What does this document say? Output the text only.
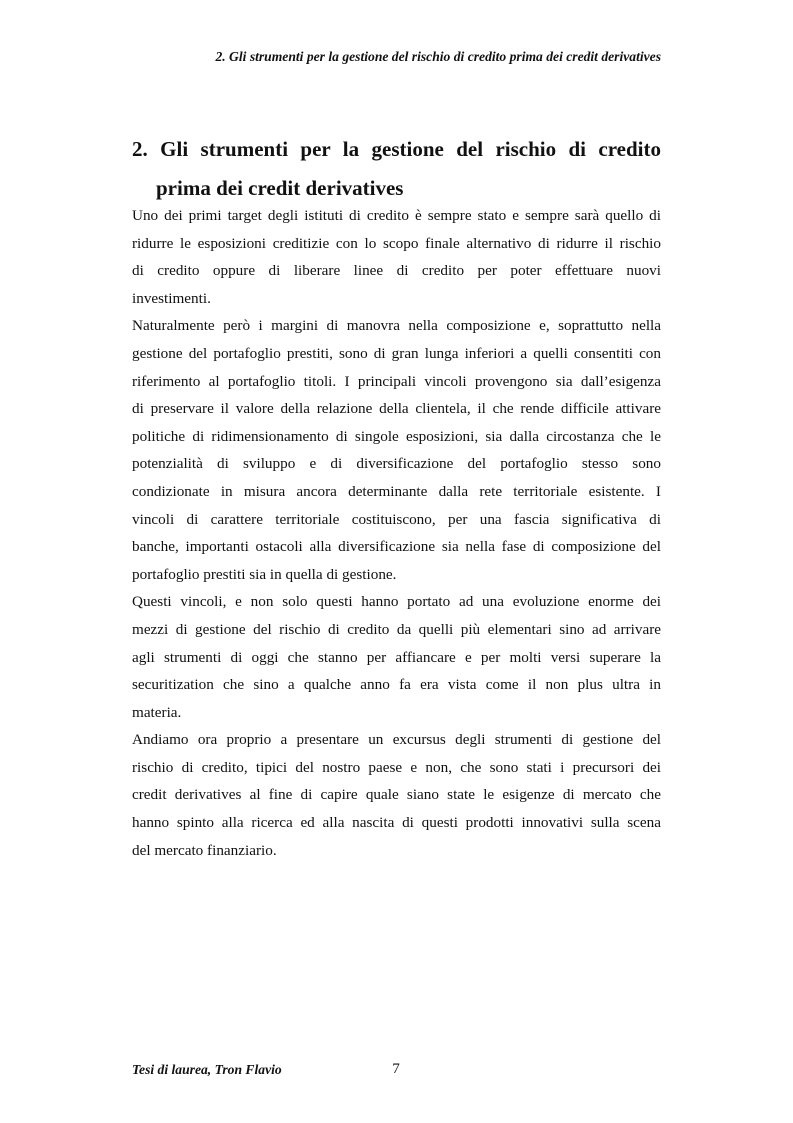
2. Gli strumenti per la gestione del rischio di credito prima dei credit derivatives
2. Gli strumenti per la gestione del rischio di credito
prima dei credit derivatives

Uno dei primi target degli istituti di credito è sempre stato e sempre sarà quello di
ridurre le esposizioni creditizie con lo scopo finale alternativo di ridurre il rischio
di credito oppure di liberare linee di credito per poter effettuare nuovi
investimenti.

Naturalmente però i margini di manovra nella composizione e, soprattutto nella
gestione del portafoglio prestiti, sono di gran lunga inferiori a quelli consentiti con
riferimento al portafoglio titoli. I principali vincoli provengono sia dall’esigenza
di preservare il valore della relazione della clientela, il che rende difficile attivare
politiche di ridimensionamento di singole esposizioni, sia dalla circostanza che le
potenzialità di sviluppo e di diversificazione del portafoglio stesso sono
condizionate in misura ancora determinante dalla rete territoriale esistente. I
vincoli di carattere territoriale costituiscono, per una fascia significativa di
banche, importanti ostacoli alla diversificazione sia nella fase di composizione del
portafoglio prestiti sia in quella di gestione.

Questi vincoli, e non solo questi hanno portato ad una evoluzione enorme dei
mezzi di gestione del rischio di credito da quelli più elementari sino ad arrivare
agli strumenti di oggi che stanno per affiancare e per molti versi superare la
securitization che sino a qualche anno fa era vista come il non plus ultra in
materia.

Andiamo ora proprio a presentare un excursus degli strumenti di gestione del
rischio di credito, tipici del nostro paese e non, che sono stati i precursori dei
credit derivatives al fine di capire quale siano state le esigenze di mercato che
hanno spinto alla ricerca ed alla nascita di questi prodotti innovativi sulla scena
del mercato finanziario.

Tesi di laurea, Tron Flavio	7
